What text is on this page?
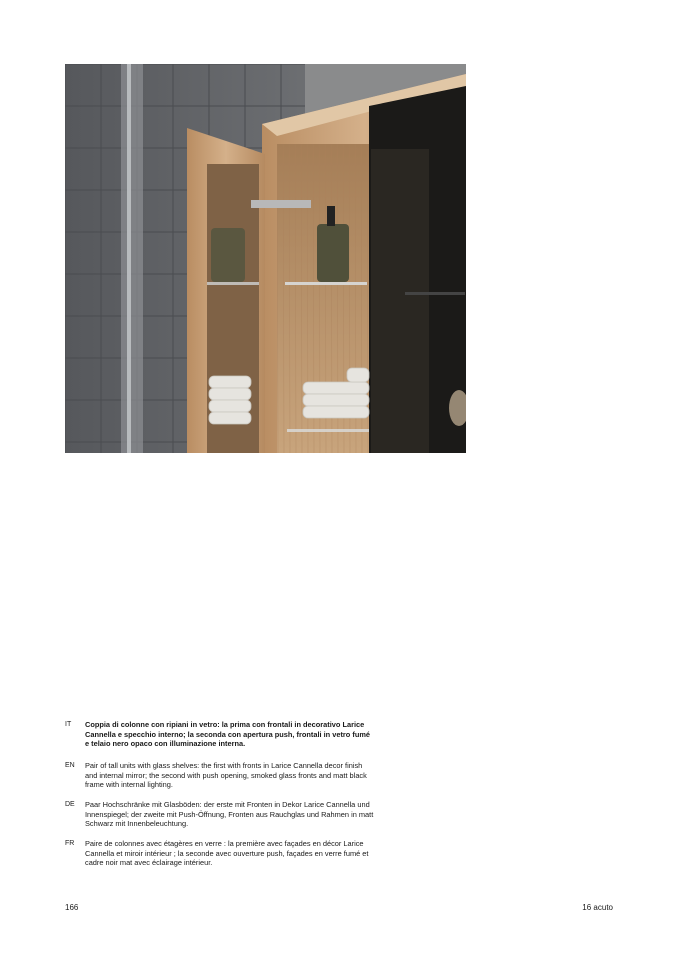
IT	Coppia di colonne con ripiani in vetro: la prima con frontali in decorativo Larice Cannella e specchio interno; la seconda con apertura push, frontali in vetro fumé e telaio nero opaco con illuminazione interna.
EN	Pair of tall units with glass shelves: the first with fronts in Larice Cannella decor finish and internal mirror; the second with push opening, smoked glass fronts and matt black frame with internal lighting.
DE	Paar Hochschränke mit Glasböden: der erste mit Fronten in Dekor Larice Cannella und Innenspiegel; der zweite mit Push-Öffnung, Fronten aus Rauchglas und Rahmen in matt Schwarz mit Innenbeleuchtung.
FR	Paire de colonnes avec étagères en verre : la première avec façades en décor Larice Cannella et miroir intérieur ; la seconde avec ouverture push, façades en verre fumé et cadre noir mat avec éclairage intérieur.
166	16 acuto
